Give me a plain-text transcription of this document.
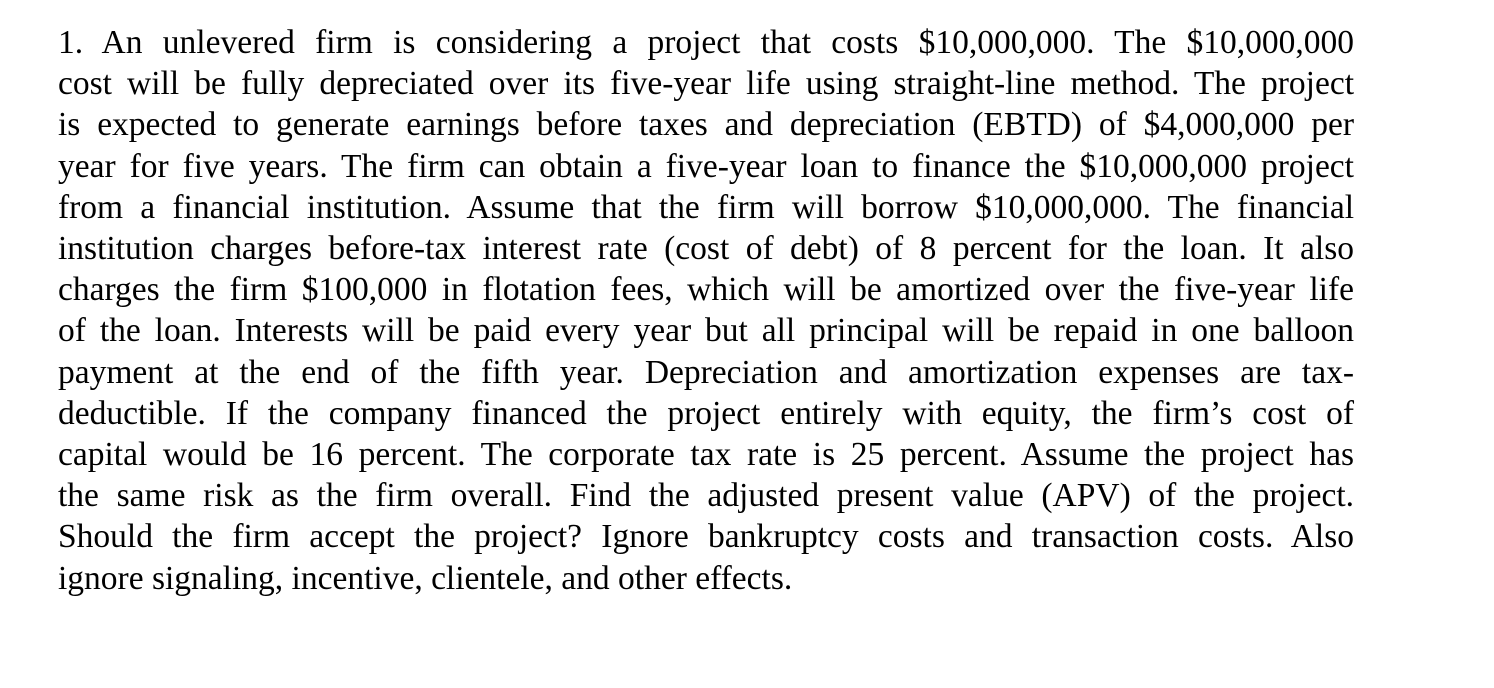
1. An unlevered firm is considering a project that costs $10,000,000. The $10,000,000
cost will be fully depreciated over its five-year life using straight-line method. The project
is expected to generate earnings before taxes and depreciation (EBTD) of $4,000,000 per
year for five years. The firm can obtain a five-year loan to finance the $10,000,000 project
from a financial institution. Assume that the firm will borrow $10,000,000. The financial
institution charges before-tax interest rate (cost of debt) of 8 percent for the loan. It also
charges the firm $100,000 in flotation fees, which will be amortized over the five-year life
of the loan. Interests will be paid every year but all principal will be repaid in one balloon
payment at the end of the fifth year. Depreciation and amortization expenses are tax-
deductible. If the company financed the project entirely with equity, the firm’s cost of
capital would be 16 percent. The corporate tax rate is 25 percent. Assume the project has
the same risk as the firm overall. Find the adjusted present value (APV) of the project.
Should the firm accept the project? Ignore bankruptcy costs and transaction costs. Also
ignore signaling, incentive, clientele, and other effects.
